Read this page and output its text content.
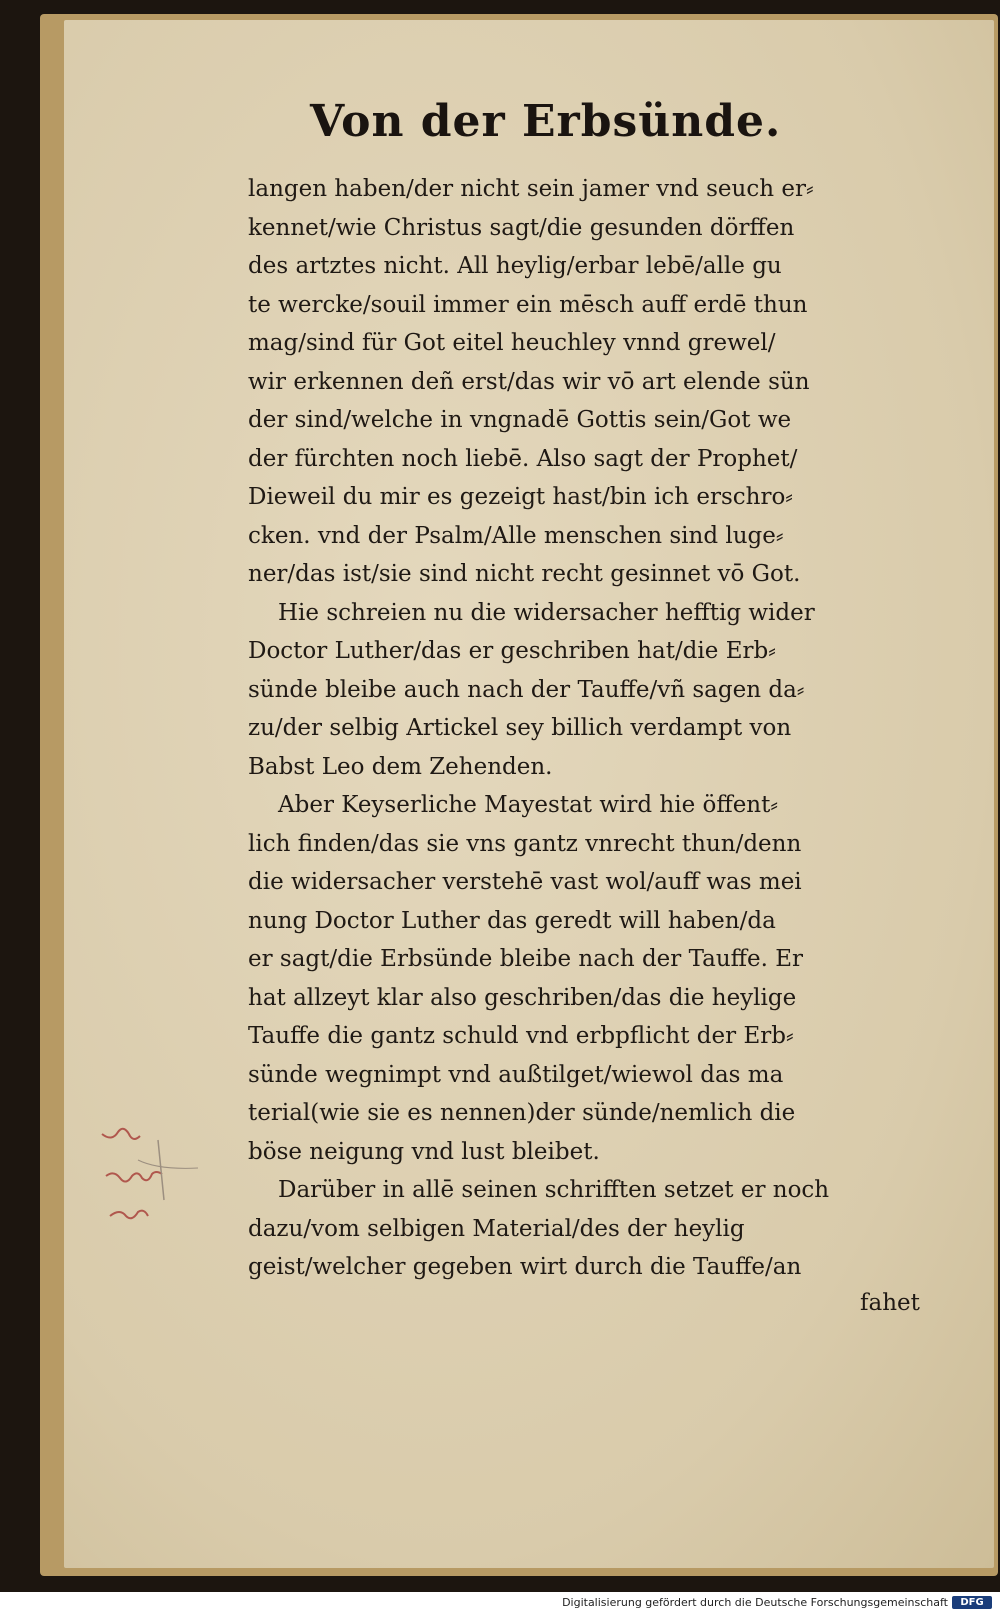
Von der Erbsünde.
langen haben/der nicht sein jamer vnd seuch er⸗
kennet/wie Christus sagt/die gesunden dörffen
des artztes nicht. All heylig/erbar lebē/alle gu
te wercke/souil immer ein mēsch auff erdē thun
mag/sind für Got eitel heuchley vnnd grewel/
wir erkennen deñ erst/das wir vō art elende sün
der sind/welche in vngnadē Gottis sein/Got we
der fürchten noch liebē. Also sagt der Prophet/
Dieweil du mir es gezeigt hast/bin ich erschro⸗
cken. vnd der Psalm/Alle menschen sind luge⸗
ner/das ist/sie sind nicht recht gesinnet vō Got.
Hie schreien nu die widersacher hefftig wider
Doctor Luther/das er geschriben hat/die Erb⸗
sünde bleibe auch nach der Tauffe/vñ sagen da⸗
zu/der selbig Artickel sey billich verdampt von
Babst Leo dem Zehenden.
Aber Keyserliche Mayestat wird hie öffent⸗
lich finden/das sie vns gantz vnrecht thun/denn
die widersacher verstehē vast wol/auff was mei
nung Doctor Luther das geredt will haben/da
er sagt/die Erbsünde bleibe nach der Tauffe. Er
hat allzeyt klar also geschriben/das die heylige
Tauffe die gantz schuld vnd erbpflicht der Erb⸗
sünde wegnimpt vnd außtilget/wiewol das ma
terial(wie sie es nennen)der sünde/nemlich die
böse neigung vnd lust bleibet.
Darüber in allē seinen schrifften setzet er noch
dazu/vom selbigen Material/des der heylig
geist/welcher gegeben wirt durch die Tauffe/an
fahet
Digitalisierung gefördert durch die Deutsche Forschungsgemeinschaft	DFG
